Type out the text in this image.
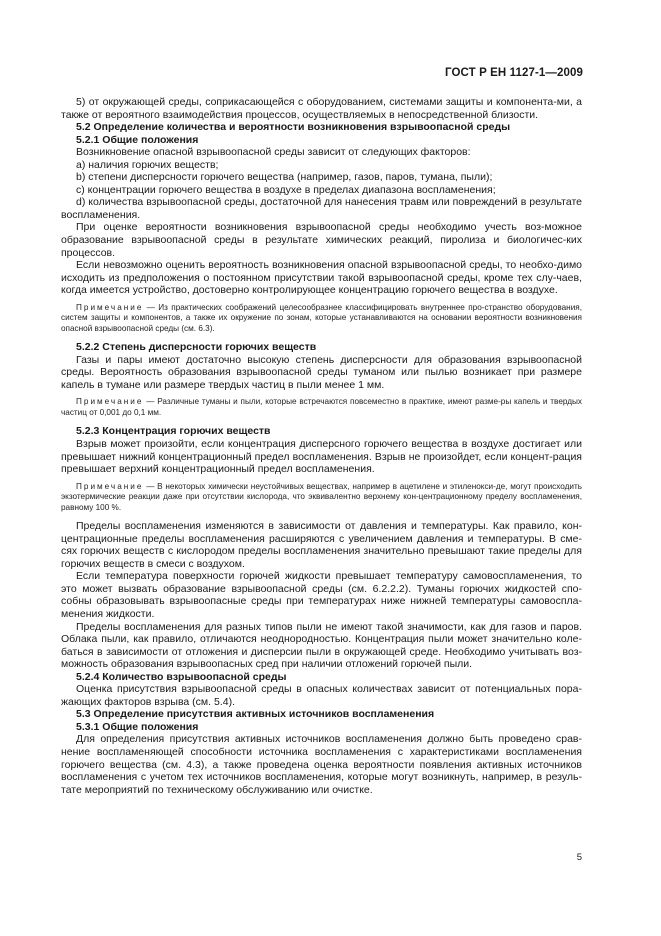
ГОСТ Р ЕН 1127-1—2009

5) от окружающей среды, соприкасающейся с оборудованием, системами защиты и компонента-ми, а также от вероятного взаимодействия процессов, осуществляемых в непосредственной близости.

5.2 Определение количества и вероятности возникновения взрывоопасной среды

5.2.1 Общие положения

Возникновение опасной взрывоопасной среды зависит от следующих факторов:

a) наличия горючих веществ;

b) степени дисперсности горючего вещества (например, газов, паров, тумана, пыли);

c) концентрации горючего вещества в воздухе в пределах диапазона воспламенения;

d) количества взрывоопасной среды, достаточной для нанесения травм или повреждений в результате воспламенения.

При оценке вероятности возникновения взрывоопасной среды необходимо учесть воз-можное образование взрывоопасной среды в результате химических реакций, пиролиза и биологичес-ких процессов.

Если невозможно оценить вероятность возникновения опасной взрывоопасной среды, то необхо-димо исходить из предположения о постоянном присутствии такой взрывоопасной среды, кроме тех слу-чаев, когда имеется устройство, достоверно контролирующее концентрацию горючего вещества в воздухе.

Примечание — Из практических соображений целесообразнее классифицировать внутреннее про-странство оборудования, систем защиты и компонентов, а также их окружение по зонам, которые устанавливаются на основании вероятности возникновения опасной взрывоопасной среды (см. 6.3).

5.2.2 Степень дисперсности горючих веществ

Газы и пары имеют достаточно высокую степень дисперсности для образования взрывоопасной среды. Вероятность образования взрывоопасной среды туманом или пылью возникает при размере капель в тумане или размере твердых частиц в пыли менее 1 мм.

Примечание — Различные туманы и пыли, которые встречаются повсеместно в практике, имеют разме-ры капель и твердых частиц от 0,001 до 0,1 мм.

5.2.3 Концентрация горючих веществ

Взрыв может произойти, если концентрация дисперсного горючего вещества в воздухе достигает или превышает нижний концентрационный предел воспламенения. Взрыв не произойдет, если концент-рация превышает верхний концентрационный предел воспламенения.

Примечание — В некоторых химически неустойчивых веществах, например в ацетилене и этиленокси-де, могут происходить экзотермические реакции даже при отсутствии кислорода, что эквивалентно верхнему кон-центрационному пределу воспламенения, равному 100 %.

Пределы воспламенения изменяются в зависимости от давления и температуры. Как правило, кон-центрационные пределы воспламенения расширяются с увеличением давления и температуры. В сме-сях горючих веществ с кислородом пределы воспламенения значительно превышают такие пределы для горючих веществ в смеси с воздухом.

Если температура поверхности горючей жидкости превышает температуру самовоспламенения, то это может вызвать образование взрывоопасной среды (см. 6.2.2.2). Туманы горючих жидкостей спо-собны образовывать взрывоопасные среды при температурах ниже нижней температуры самовоспла-менения жидкости.

Пределы воспламенения для разных типов пыли не имеют такой значимости, как для газов и паров. Облака пыли, как правило, отличаются неоднородностью. Концентрация пыли может значительно коле-баться в зависимости от отложения и дисперсии пыли в окружающей среде. Необходимо учитывать воз-можность образования взрывоопасных сред при наличии отложений горючей пыли.

5.2.4 Количество взрывоопасной среды

Оценка присутствия взрывоопасной среды в опасных количествах зависит от потенциальных пора-жающих факторов взрыва (см. 5.4).

5.3 Определение присутствия активных источников воспламенения

5.3.1 Общие положения

Для определения присутствия активных источников воспламенения должно быть проведено срав-нение воспламеняющей способности источника воспламенения с характеристиками воспламенения горючего вещества (см. 4.3), а также проведена оценка вероятности появления активных источников воспламенения с учетом тех источников воспламенения, которые могут возникнуть, например, в резуль-тате мероприятий по техническому обслуживанию или очистке.

5
